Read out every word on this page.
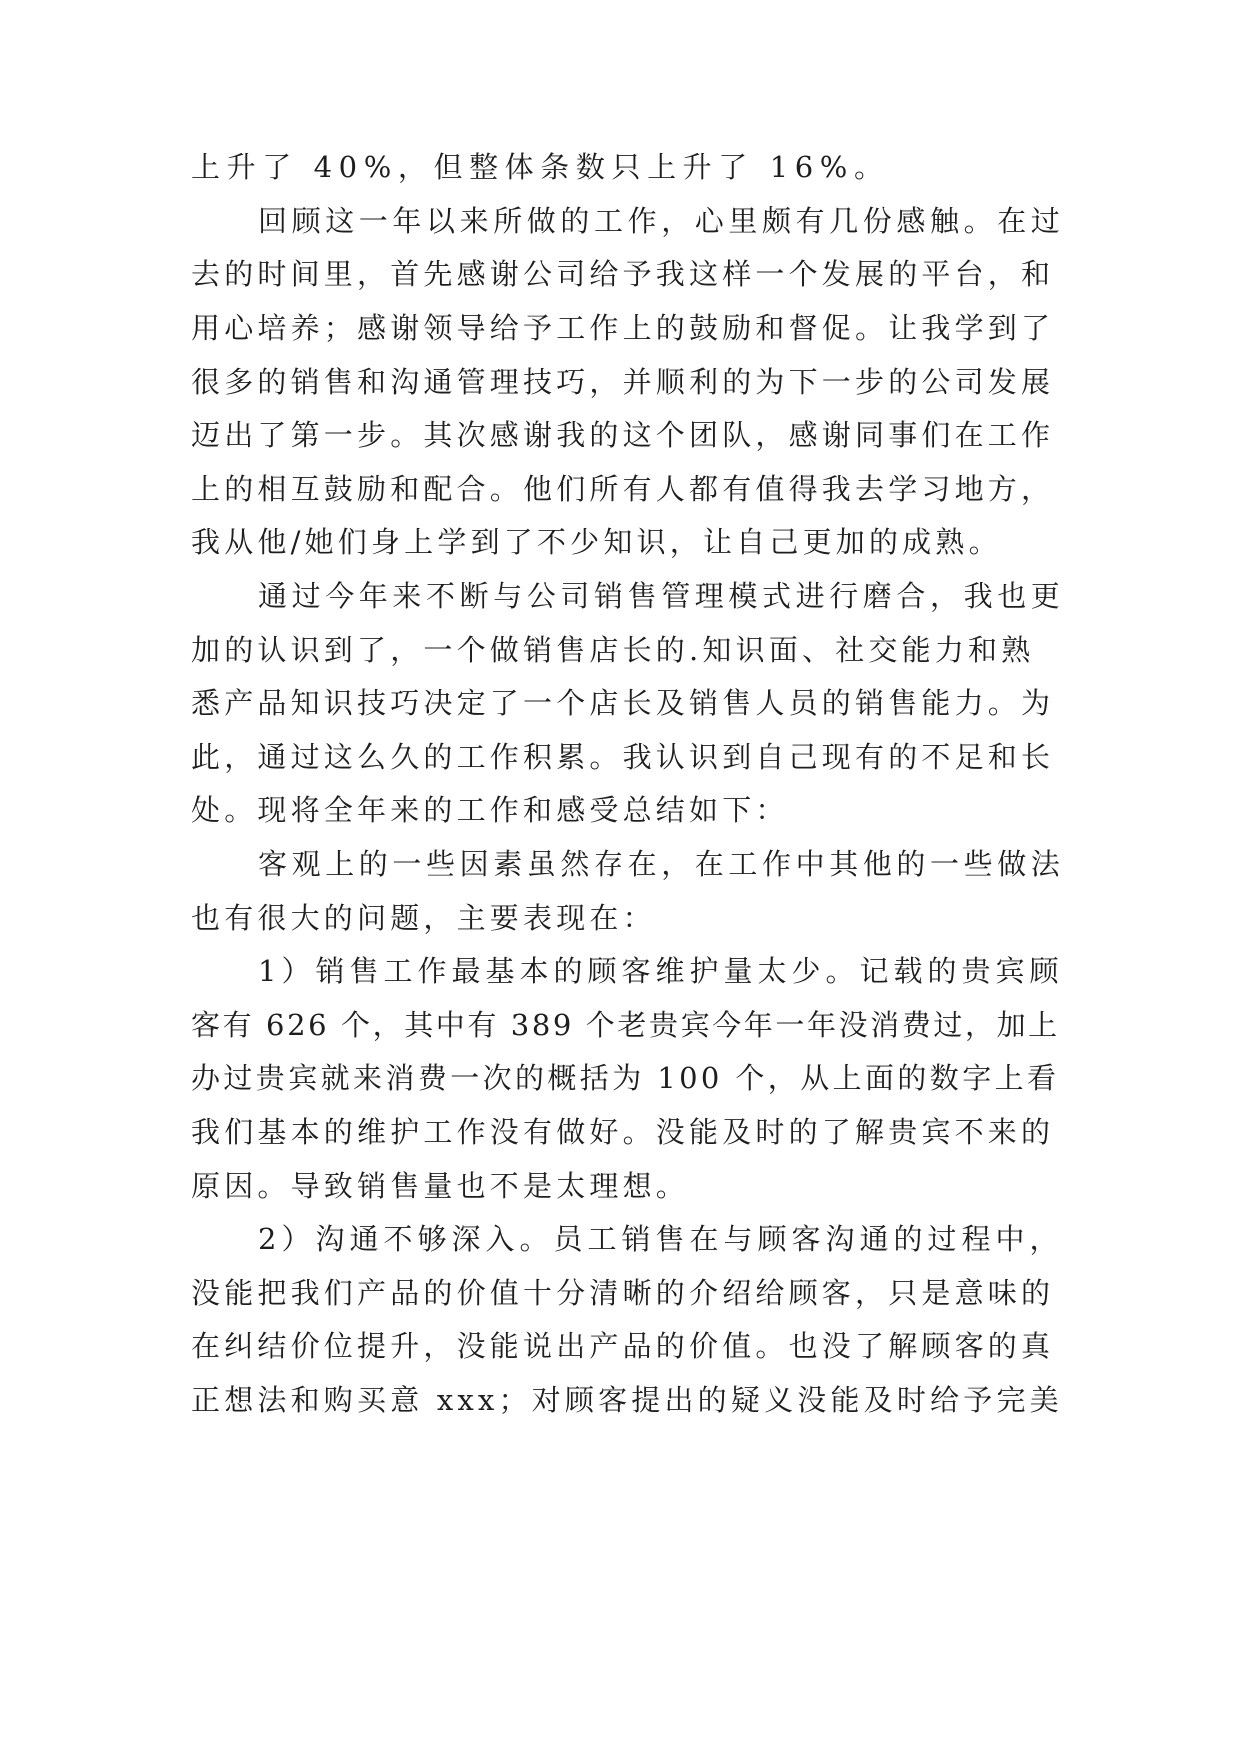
上升了 40%，但整体条数只上升了 16%。
回顾这一年以来所做的工作，心里颇有几份感触。在过
去的时间里，首先感谢公司给予我这样一个发展的平台，和
用心培养；感谢领导给予工作上的鼓励和督促。让我学到了
很多的销售和沟通管理技巧，并顺利的为下一步的公司发展
迈出了第一步。其次感谢我的这个团队，感谢同事们在工作
上的相互鼓励和配合。他们所有人都有值得我去学习地方，
我从他/她们身上学到了不少知识，让自己更加的成熟。
通过今年来不断与公司销售管理模式进行磨合，我也更
加的认识到了，一个做销售店长的.知识面、社交能力和熟
悉产品知识技巧决定了一个店长及销售人员的销售能力。为
此，通过这么久的工作积累。我认识到自己现有的不足和长
处。现将全年来的工作和感受总结如下：
客观上的一些因素虽然存在，在工作中其他的一些做法
也有很大的问题，主要表现在：
1）销售工作最基本的顾客维护量太少。记载的贵宾顾
客有 626 个，其中有 389 个老贵宾今年一年没消费过，加上
办过贵宾就来消费一次的概括为 100 个，从上面的数字上看
我们基本的维护工作没有做好。没能及时的了解贵宾不来的
原因。导致销售量也不是太理想。
2）沟通不够深入。员工销售在与顾客沟通的过程中，
没能把我们产品的价值十分清晰的介绍给顾客，只是意味的
在纠结价位提升，没能说出产品的价值。也没了解顾客的真
正想法和购买意 xxx；对顾客提出的疑义没能及时给予完美
